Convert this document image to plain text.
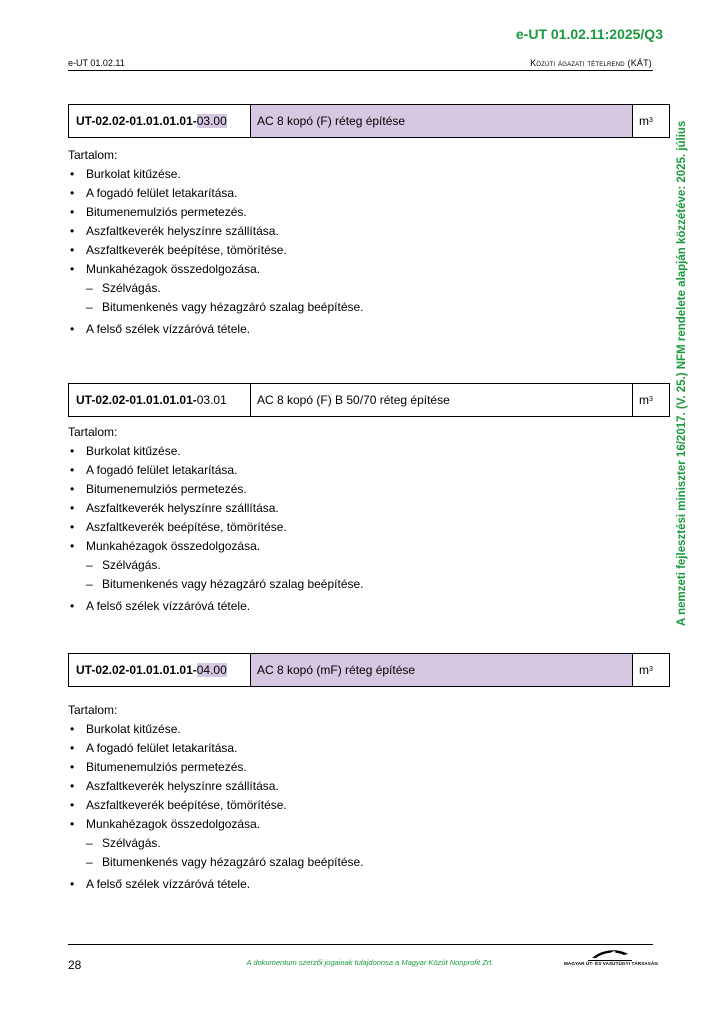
e-UT 01.02.11:2025/Q3
e-UT 01.02.11	Közúti ágazati tételrend (KÁT)
UT-02.02-01.01.01.01- 03.00	AC 8 kopó (F) réteg építése	$m^3$
Tartalom:
• Burkolat kitűzése.
• A fogadó felület letakarítása.
• Bitumenemulziós permetezés.
• Aszfaltkeverék helyszínre szállítása.
• Aszfaltkeverék beépítése, tömörítése.
• Munkahézagok összedolgozása.
– Szélvágás.
– Bitumenkenés vagy hézagzáró szalag beépítése.
• A felső szélek vízzáróvá tétele.
UT-02.02-01.01.01.01- 03.01	AC 8 kopó (F) B 50/70 réteg építése	$m^3$
Tartalom:
• Burkolat kitűzése.
• A fogadó felület letakarítása.
• Bitumenemulziós permetezés.
• Aszfaltkeverék helyszínre szállítása.
• Aszfaltkeverék beépítése, tömörítése.
• Munkahézagok összedolgozása.
– Szélvágás.
– Bitumenkenés vagy hézagzáró szalag beépítése.
• A felső szélek vízzáróvá tétele.
UT-02.02-01.01.01.01- 04.00	AC 8 kopó (mF) réteg építése	$m^3$
Tartalom:
• Burkolat kitűzése.
• A fogadó felület letakarítása.
• Bitumenemulziós permetezés.
• Aszfaltkeverék helyszínre szállítása.
• Aszfaltkeverék beépítése, tömörítése.
• Munkahézagok összedolgozása.
– Szélvágás.
– Bitumenkenés vagy hézagzáró szalag beépítése.
• A felső szélek vízzáróvá tétele.
A nemzeti fejlesztési miniszter 16/2017. (V. 25.) NFM rendelete alapján közzétéve: 2025. július
28	A dokumentum szerzői jogainak tulajdonosa a Magyar Közút Nonprofit Zrt.	MAGYAR ÚT- ÉS VASÚTÜGYI TÁRSASÁG
